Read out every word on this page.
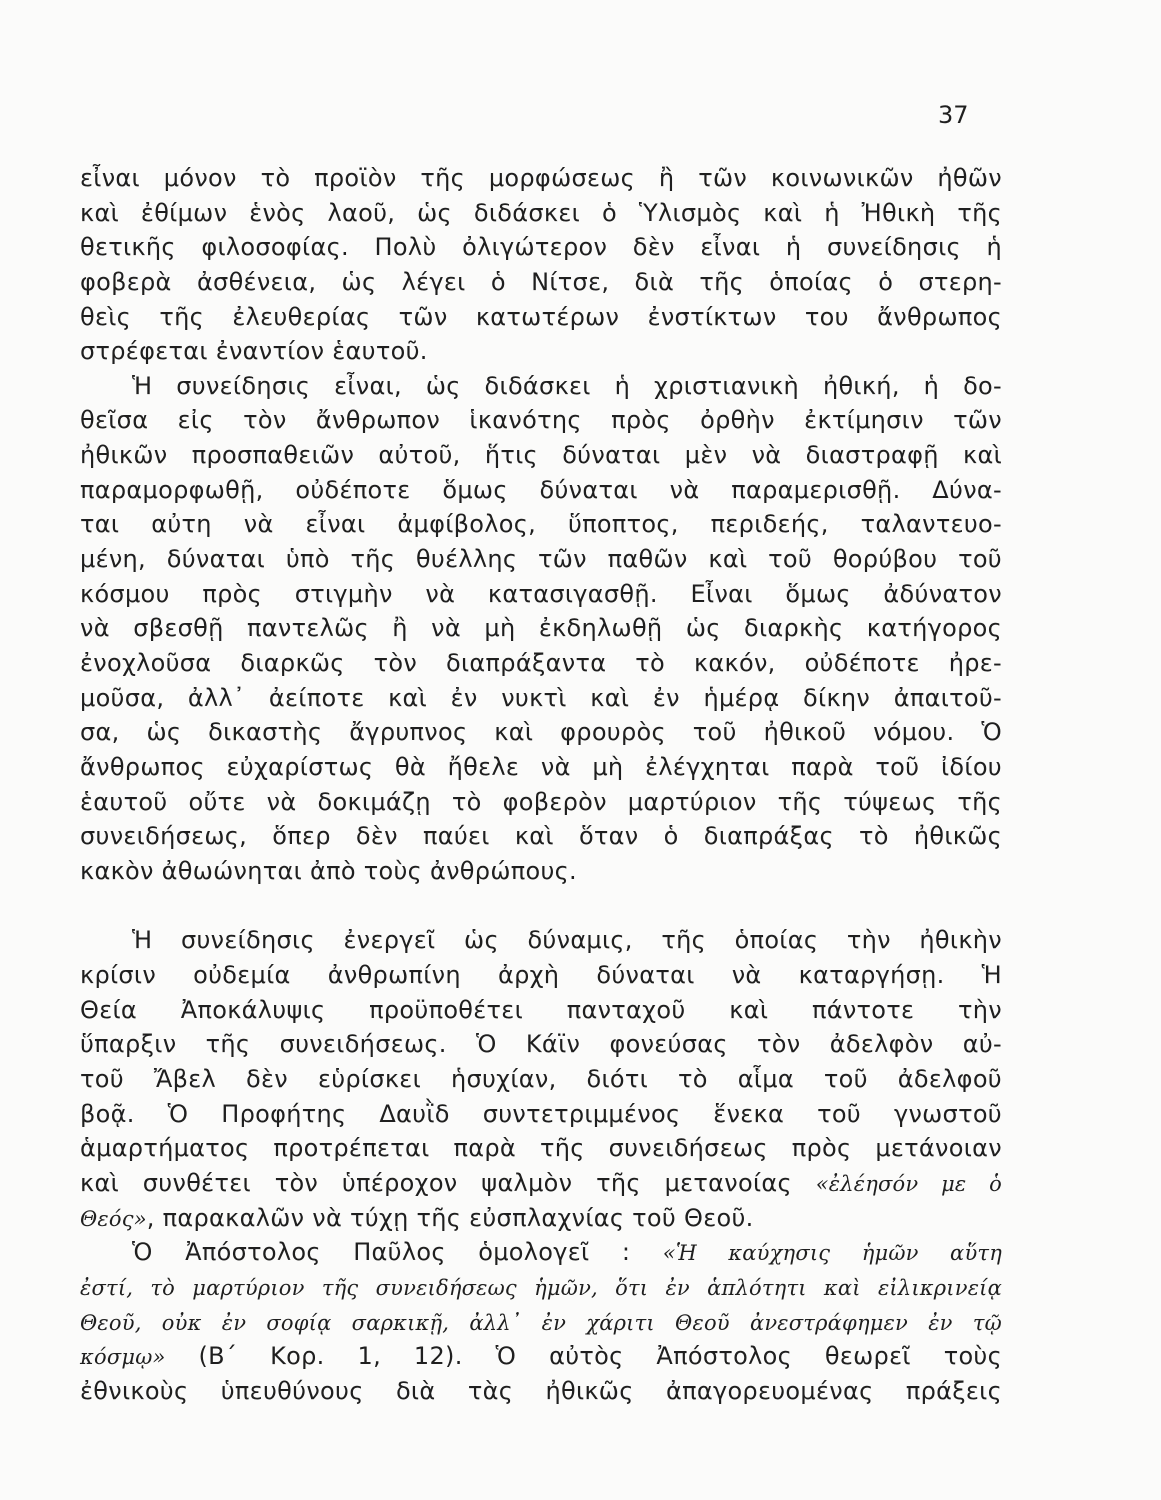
37
εἶναι μόνον τὸ προϊὸν τῆς μορφώσεως ἢ τῶν κοινωνικῶν ἠθῶν
καὶ ἐθίμων ἑνὸς λαοῦ, ὡς διδάσκει ὁ Ὑλισμὸς καὶ ἡ Ἠθικὴ τῆς
θετικῆς φιλοσοφίας. Πολὺ ὀλιγώτερον δὲν εἶναι ἡ συνείδησις ἡ
φοβερὰ ἀσθένεια, ὡς λέγει ὁ Νίτσε, διὰ τῆς ὁποίας ὁ στερη-
θεὶς τῆς ἐλευθερίας τῶν κατωτέρων ἐνστίκτων του ἄνθρωπος
στρέφεται ἐναντίον ἑαυτοῦ.
Ἡ συνείδησις εἶναι, ὡς διδάσκει ἡ χριστιανικὴ ἠθική, ἡ δο-
θεῖσα εἰς τὸν ἄνθρωπον ἱκανότης πρὸς ὀρθὴν ἐκτίμησιν τῶν
ἠθικῶν προσπαθειῶν αὐτοῦ, ἥτις δύναται μὲν νὰ διαστραφῇ καὶ
παραμορφωθῇ, οὐδέποτε ὅμως δύναται νὰ παραμερισθῇ. Δύνα-
ται αὐτη νὰ εἶναι ἀμφίβολος, ὕποπτος, περιδεής, ταλαντευο-
μένη, δύναται ὑπὸ τῆς θυέλλης τῶν παθῶν καὶ τοῦ θορύβου τοῦ
κόσμου πρὸς στιγμὴν νὰ κατασιγασθῇ. Εἶναι ὅμως ἀδύνατον
νὰ σβεσθῇ παντελῶς ἢ νὰ μὴ ἐκδηλωθῇ ὡς διαρκὴς κατήγορος
ἐνοχλοῦσα διαρκῶς τὸν διαπράξαντα τὸ κακόν, οὐδέποτε ἠρε-
μοῦσα, ἀλλ᾽ ἀείποτε καὶ ἐν νυκτὶ καὶ ἐν ἡμέρᾳ δίκην ἀπαιτοῦ-
σα, ὡς δικαστὴς ἄγρυπνος καὶ φρουρὸς τοῦ ἠθικοῦ νόμου. Ὁ
ἄνθρωπος εὐχαρίστως θὰ ἤθελε νὰ μὴ ἐλέγχηται παρὰ τοῦ ἰδίου
ἑαυτοῦ οὔτε νὰ δοκιμάζῃ τὸ φοβερὸν μαρτύριον τῆς τύψεως τῆς
συνειδήσεως, ὅπερ δὲν παύει καὶ ὅταν ὁ διαπράξας τὸ ἠθικῶς
κακὸν ἀθωώνηται ἀπὸ τοὺς ἀνθρώπους.
Ἡ συνείδησις ἐνεργεῖ ὡς δύναμις, τῆς ὁποίας τὴν ἠθικὴν
κρίσιν οὐδεμία ἀνθρωπίνη ἀρχὴ δύναται νὰ καταργήσῃ. Ἡ
Θεία Ἀποκάλυψις προϋποθέτει πανταχοῦ καὶ πάντοτε τὴν
ὕπαρξιν τῆς συνειδήσεως. Ὁ Κάϊν φονεύσας τὸν ἀδελφὸν αὐ-
τοῦ Ἄβελ δὲν εὑρίσκει ἡσυχίαν, διότι τὸ αἷμα τοῦ ἀδελφοῦ
βοᾷ. Ὁ Προφήτης Δαυῒδ συντετριμμένος ἕνεκα τοῦ γνωστοῦ
ἁμαρτήματος προτρέπεται παρὰ τῆς συνειδήσεως πρὸς μετάνοιαν
καὶ συνθέτει τὸν ὑπέροχον ψαλμὸν τῆς μετανοίας «ἐλέησόν με ὁ
Θεός», παρακαλῶν νὰ τύχῃ τῆς εὐσπλαχνίας τοῦ Θεοῦ.
Ὁ Ἀπόστολος Παῦλος ὁμολογεῖ : «Ἡ καύχησις ἡμῶν αὕτη
ἐστί, τὸ μαρτύριον τῆς συνειδήσεως ἡμῶν, ὅτι ἐν ἁπλότητι καὶ εἰλικρινείᾳ
Θεοῦ, οὐκ ἐν σοφίᾳ σαρκικῇ, ἀλλ᾽ ἐν χάριτι Θεοῦ ἀνεστράφημεν ἐν τῷ
κόσμῳ» (Β΄ Κορ. 1, 12). Ὁ αὐτὸς Ἀπόστολος θεωρεῖ τοὺς
ἐθνικοὺς ὑπευθύνους διὰ τὰς ἠθικῶς ἀπαγορευομένας πράξεις
